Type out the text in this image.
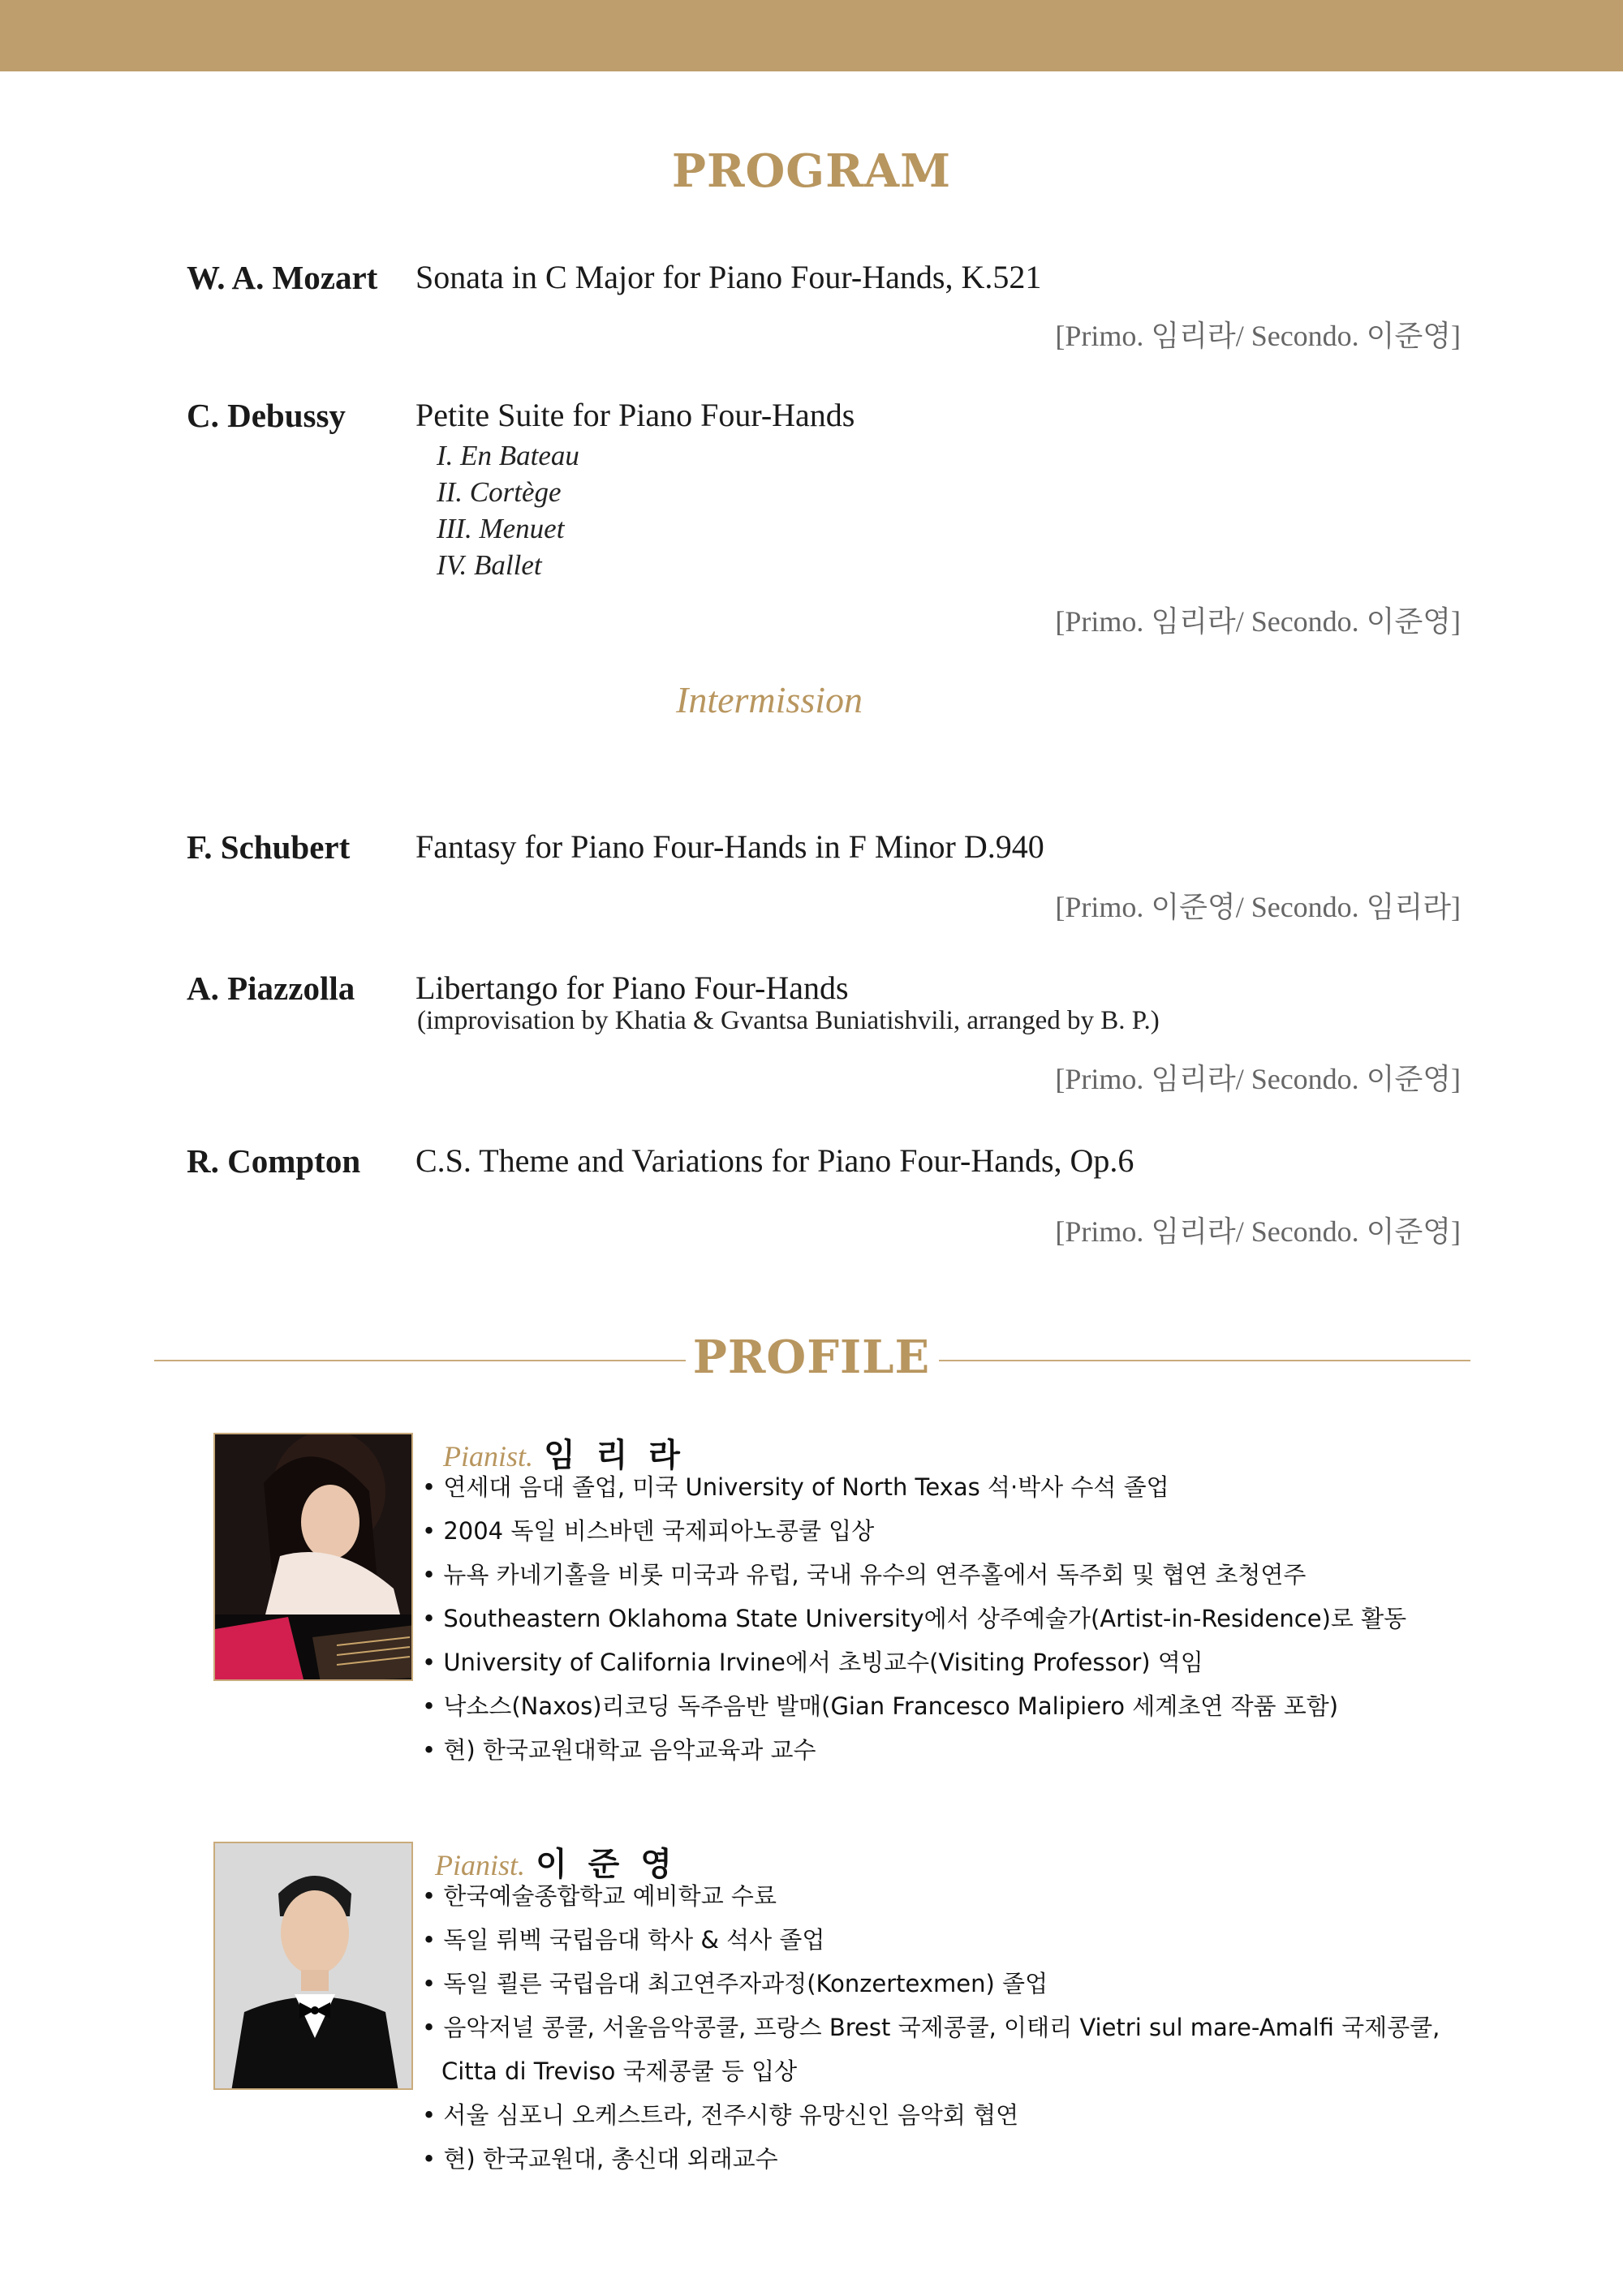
PROGRAM
W. A. Mozart Sonata in C Major for Piano Four-Hands, K.521
[Primo. 임리라/ Secondo. 이준영]
C. Debussy Petite Suite for Piano Four-Hands
I. En Bateau
II. Cortège
III. Menuet
IV. Ballet
[Primo. 임리라/ Secondo. 이준영]
Intermission
F. Schubert Fantasy for Piano Four-Hands in F Minor D.940
[Primo. 이준영/ Secondo. 임리라]
A. Piazzolla Libertango for Piano Four-Hands
(improvisation by Khatia & Gvantsa Buniatishvili, arranged by B. P.)
[Primo. 임리라/ Secondo. 이준영]
R. Compton C.S. Theme and Variations for Piano Four-Hands, Op.6
[Primo. 임리라/ Secondo. 이준영]
PROFILE
Pianist. 임 리 라
• 연세대 음대 졸업, 미국 University of North Texas 석·박사 수석 졸업
• 2004 독일 비스바덴 국제피아노콩쿨 입상
• 뉴욕 카네기홀을 비롯 미국과 유럽, 국내 유수의 연주홀에서 독주회 및 협연 초청연주
• Southeastern Oklahoma State University에서 상주예술가(Artist-in-Residence)로 활동
• University of California Irvine에서 초빙교수(Visiting Professor) 역임
• 낙소스(Naxos)리코딩 독주음반 발매(Gian Francesco Malipiero 세계초연 작품 포함)
• 현) 한국교원대학교 음악교육과 교수
Pianist. 이 준 영
• 한국예술종합학교 예비학교 수료
• 독일 뤼벡 국립음대 학사 & 석사 졸업
• 독일 쾰른 국립음대 최고연주자과정(Konzertexmen) 졸업
• 음악저널 콩쿨, 서울음악콩쿨, 프랑스 Brest 국제콩쿨, 이태리 Vietri sul mare-Amalfi 국제콩쿨,
Citta di Treviso 국제콩쿨 등 입상
• 서울 심포니 오케스트라, 전주시향 유망신인 음악회 협연
• 현) 한국교원대, 총신대 외래교수
